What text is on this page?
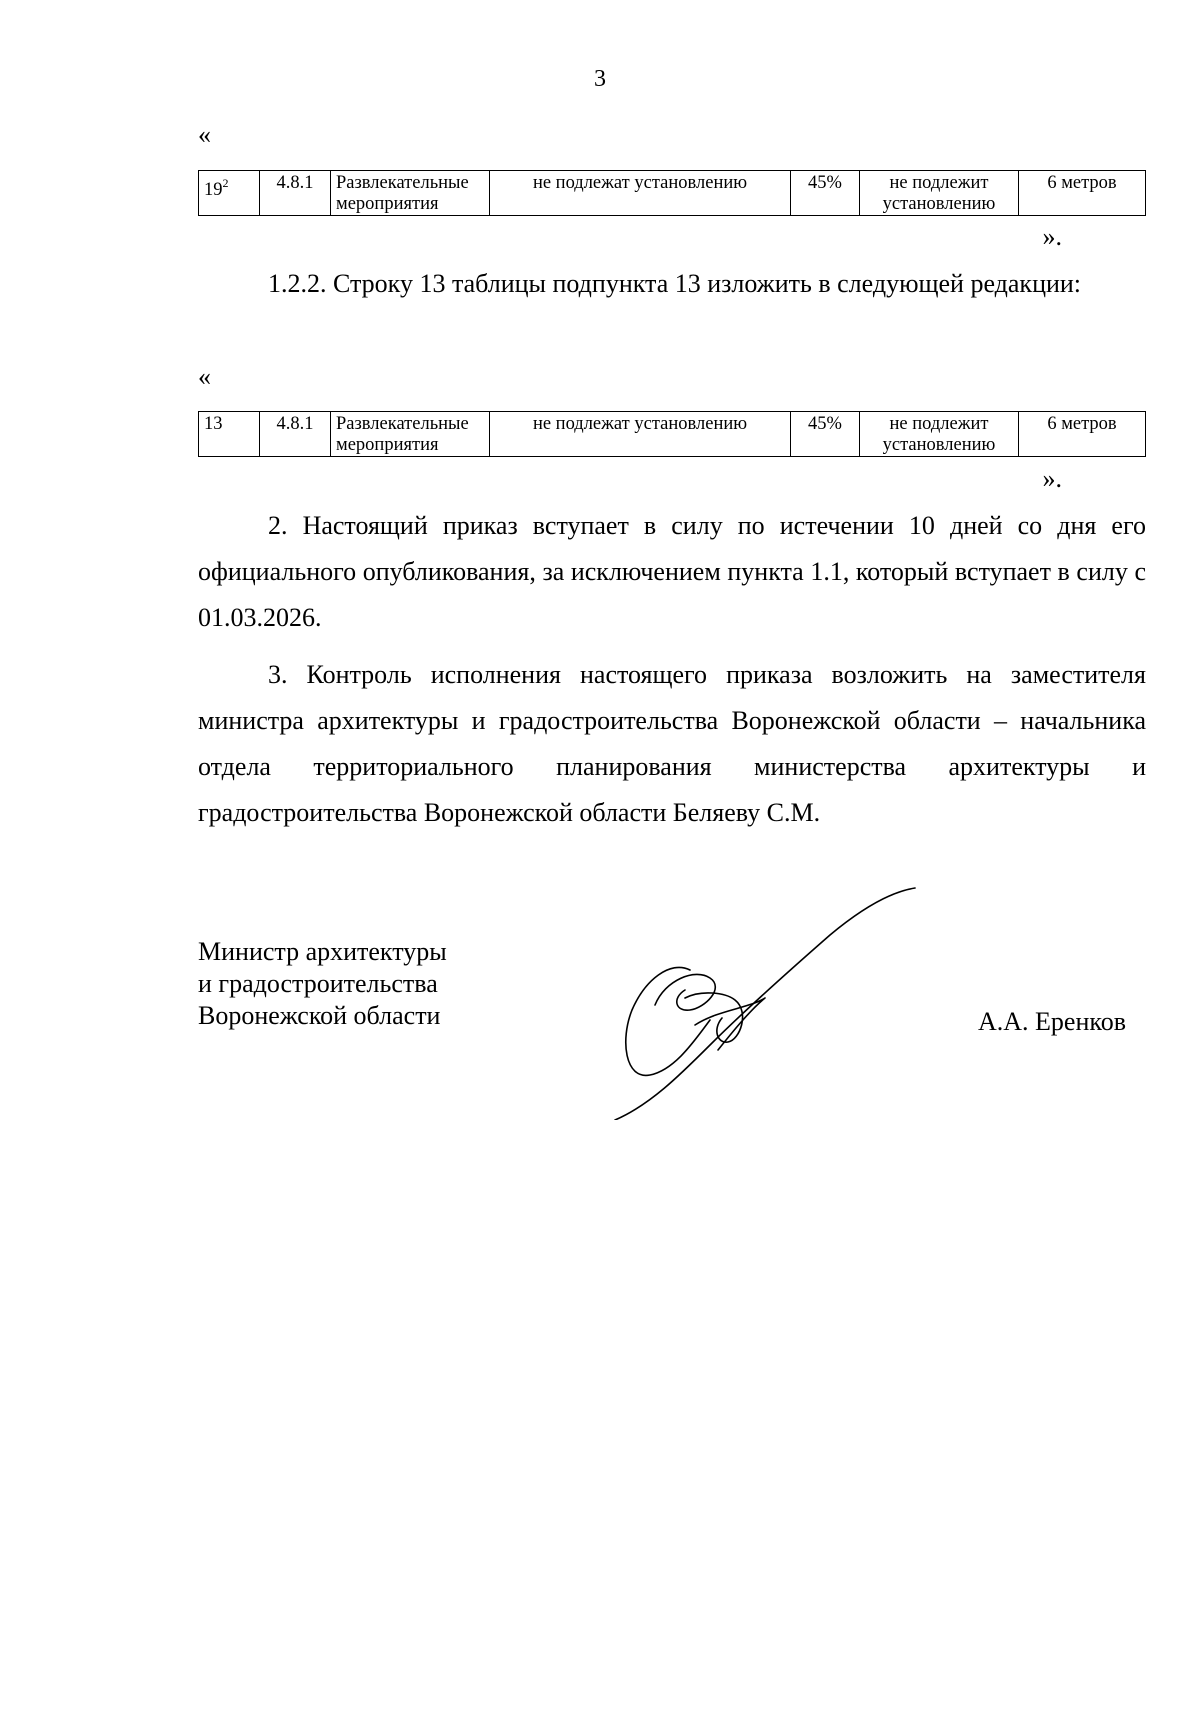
3
«
$19^2$	4.8.1	Развлекательные мероприятия	не подлежат установлению	45%	не подлежит установлению	6 метров
».

1.2.2. Строку 13 таблицы подпункта 13 изложить в следующей редакции:

«
13	4.8.1	Развлекательные мероприятия	не подлежат установлению	45%	не подлежит установлению	6 метров
».

2. Настоящий приказ вступает в силу по истечении 10 дней со дня его официального опубликования, за исключением пункта 1.1, который вступает в силу с 01.03.2026.

3. Контроль исполнения настоящего приказа возложить на заместителя министра архитектуры и градостроительства Воронежской области – начальника отдела территориального планирования министерства архитектуры и градостроительства Воронежской области Беляеву С.М.

Министр архитектуры
и градостроительства
Воронежской области	А.А. Еренков
